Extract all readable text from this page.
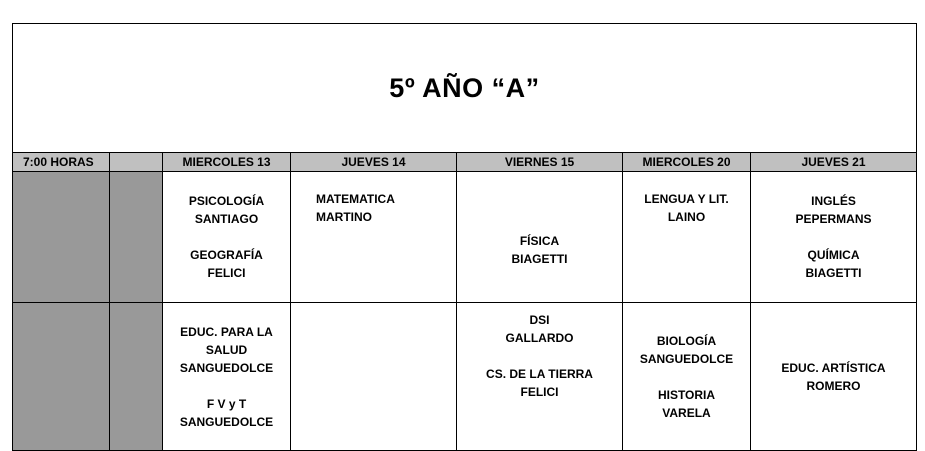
5º AÑO “A”						
7:00 HORAS		MIERCOLES 13	JUEVES 14	VIERNES 15	MIERCOLES 20	JUEVES 21

		PSICOLOGÍA
SANTIAGO

GEOGRAFÍA
FELICI	MATEMATICA
MARTINO	FÍSICA
BIAGETTI	LENGUA Y LIT.
LAINO	INGLÉS
PEPERMANS

QUÍMICA
BIAGETTI

		EDUC. PARA LA
SALUD
SANGUEDOLCE

F V y T
SANGUEDOLCE		DSI
GALLARDO

CS. DE LA TIERRA
FELICI	BIOLOGÍA
SANGUEDOLCE

HISTORIA
VARELA	EDUC. ARTÍSTICA
ROMERO
